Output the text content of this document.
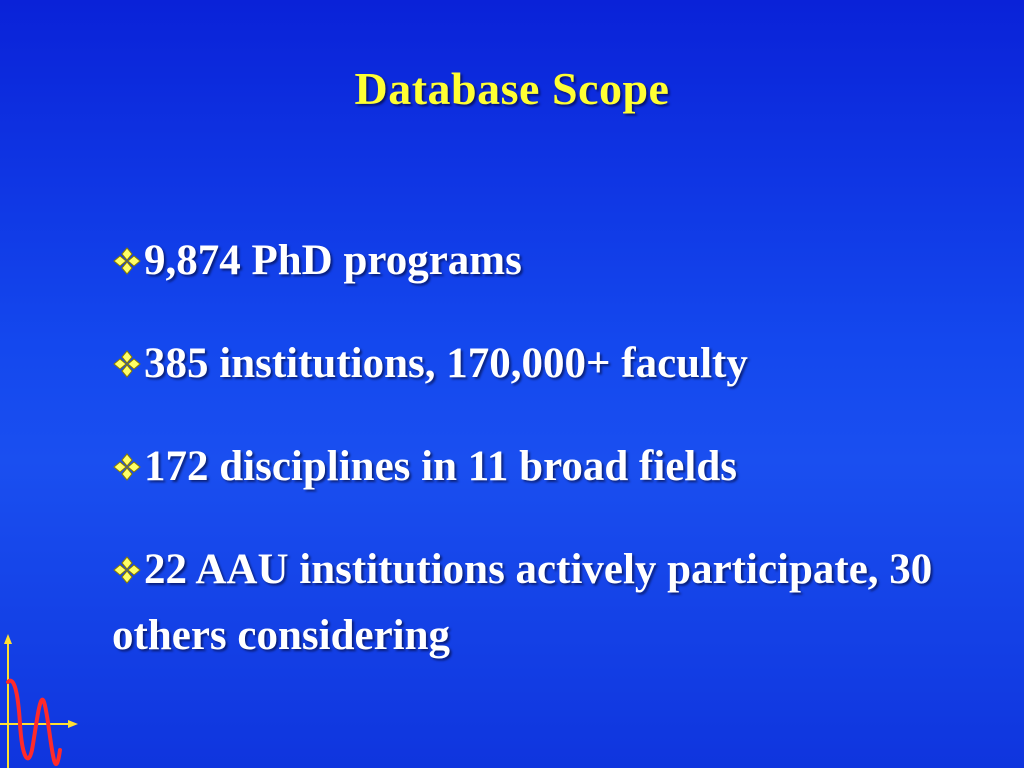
Database Scope
9,874 PhD programs
385 institutions, 170,000+ faculty
172 disciplines in 11 broad fields
22 AAU institutions actively participate, 30 others considering
